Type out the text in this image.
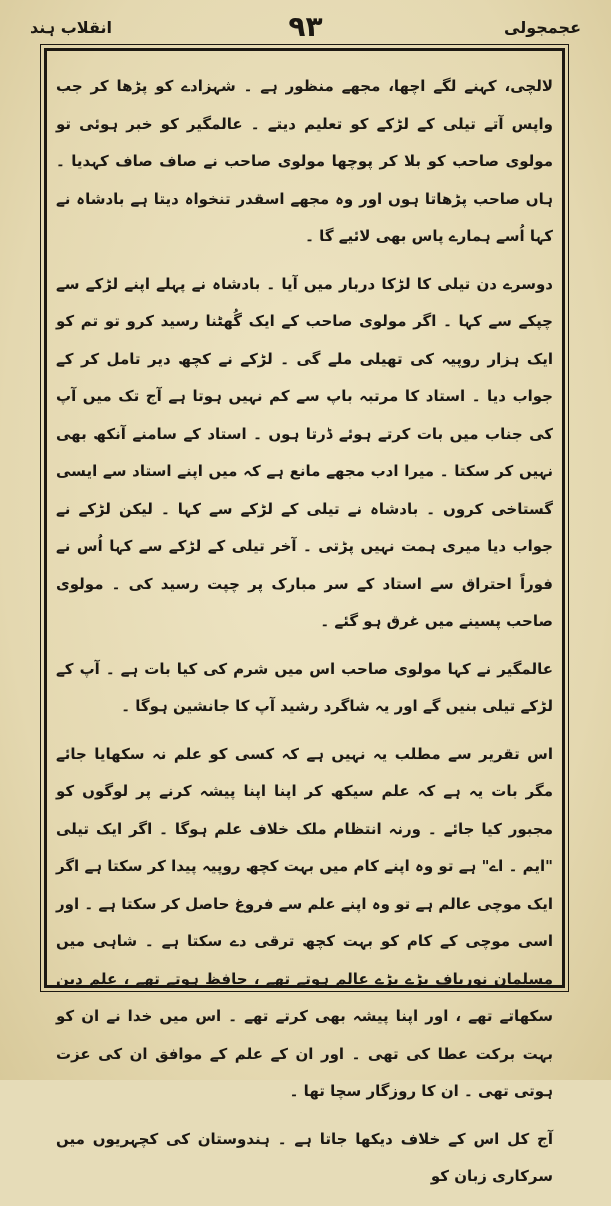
انقلاب ہند	۹۳	عجمجولی
لالچی، کہنے لگے اچھا، مجھے منظور ہے ۔ شہزادے کو پڑھا کر جب واپس آتے تیلی کے لڑکے کو تعلیم دیتے ۔ عالمگیر کو خبر ہوئی تو مولوی صاحب کو بلا کر پوچھا مولوی صاحب نے صاف صاف کہدیا ۔ ہاں صاحب پڑھاتا ہوں اور وہ مجھے اسقدر تنخواہ دیتا ہے بادشاہ نے کہا اُسے ہمارے پاس بھی لائیے گا ۔
دوسرے دن تیلی کا لڑکا دربار میں آیا ۔ بادشاہ نے پہلے اپنے لڑکے سے چپکے سے کہا ۔ اگر مولوی صاحب کے ایک گُھٹنا رسید کرو تو تم کو ایک ہزار روپیہ کی تھیلی ملے گی ۔ لڑکے نے کچھ دیر تامل کر کے جواب دیا ۔ استاد کا مرتبہ باپ سے کم نہیں ہوتا ہے آج تک میں آپ کی جناب میں بات کرتے ہوئے ڈرتا ہوں ۔ استاد کے سامنے آنکھ بھی نہیں کر سکتا ۔ میرا ادب مجھے مانع ہے کہ میں اپنے استاد سے ایسی گستاخی کروں ۔ بادشاہ نے تیلی کے لڑکے سے کہا ۔ لیکن لڑکے نے جواب دیا میری ہمت نہیں پڑتی ۔ آخر تیلی کے لڑکے سے کہا اُس نے فوراً احتراق سے استاد کے سر مبارک پر چپت رسید کی ۔ مولوی صاحب پسینے میں غرق ہو گئے ۔
عالمگیر نے کہا مولوی صاحب اس میں شرم کی کیا بات ہے ۔ آپ کے لڑکے تیلی بنیں گے اور یہ شاگرد رشید آپ کا جانشین ہوگا ۔
اس تقریر سے مطلب یہ نہیں ہے کہ کسی کو علم نہ سکھایا جائے مگر بات یہ ہے کہ علم سیکھ کر اپنا اپنا پیشہ کرنے پر لوگوں کو مجبور کیا جائے ۔ ورنہ انتظام ملک خلاف علم ہوگا ۔ اگر ایک تیلی "ایم ۔ اے" ہے تو وہ اپنے کام میں بہت کچھ روپیہ پیدا کر سکتا ہے اگر ایک موچی عالم ہے تو وہ اپنے علم سے فروغ حاصل کر سکتا ہے ۔ اور اسی موچی کے کام کو بہت کچھ ترقی دے سکتا ہے ۔ شاہی میں مسلمان نورباف بڑے بڑے عالم ہوتے تھے ، حافظ ہوتے تھے ، علم دین سکھاتے تھے ، اور اپنا پیشہ بھی کرتے تھے ۔ اس میں خدا نے ان کو بہت برکت عطا کی تھی ۔ اور ان کے علم کے موافق ان کی عزت ہوتی تھی ۔ ان کا روزگار سچا تھا ۔
آج کل اس کے خلاف دیکھا جاتا ہے ۔ ہندوستان کی کچہریوں میں سرکاری زبان کو
